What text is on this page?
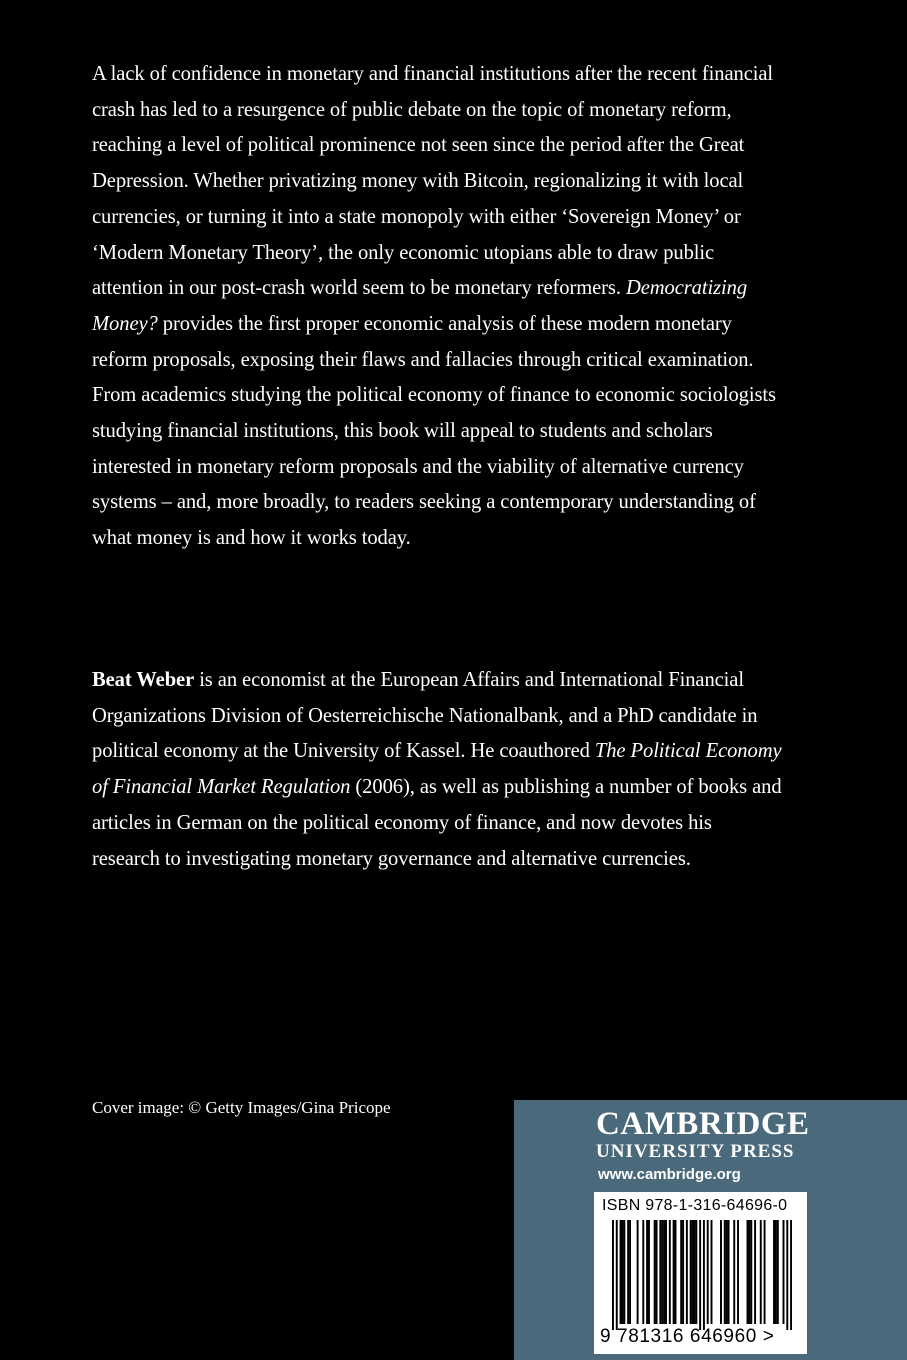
A lack of confidence in monetary and financial institutions after the recent financial crash has led to a resurgence of public debate on the topic of monetary reform, reaching a level of political prominence not seen since the period after the Great Depression. Whether privatizing money with Bitcoin, regionalizing it with local currencies, or turning it into a state monopoly with either ‘Sovereign Money’ or ‘Modern Monetary Theory’, the only economic utopians able to draw public attention in our post-crash world seem to be monetary reformers. Democratizing Money? provides the first proper economic analysis of these modern monetary reform proposals, exposing their flaws and fallacies through critical examination. From academics studying the political economy of finance to economic sociologists studying financial institutions, this book will appeal to students and scholars interested in monetary reform proposals and the viability of alternative currency systems – and, more broadly, to readers seeking a contemporary understanding of what money is and how it works today.

Beat Weber is an economist at the European Affairs and International Financial Organizations Division of Oesterreichische Nationalbank, and a PhD candidate in political economy at the University of Kassel. He coauthored The Political Economy of Financial Market Regulation (2006), as well as publishing a number of books and articles in German on the political economy of finance, and now devotes his research to investigating monetary governance and alternative currencies.

Cover image: © Getty Images/Gina Pricope	CAMBRIDGE
UNIVERSITY PRESS
www.cambridge.org
ISBN 978-1-316-64696-0
9 781316 646960 >
